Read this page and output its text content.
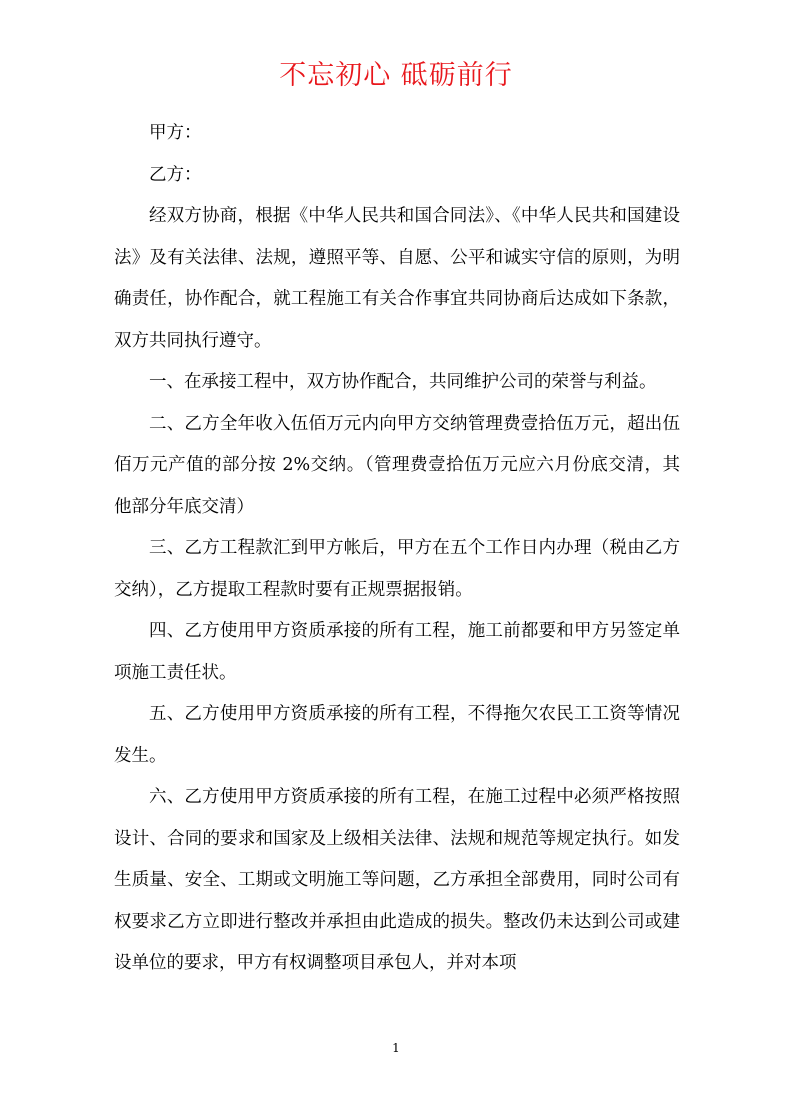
不忘初心 砥砺前行

甲方：

乙方：

经双方协商，根据《中华人民共和国合同法》、《中华人民共和国建设法》及有关法律、法规，遵照平等、自愿、公平和诚实守信的原则，为明确责任，协作配合，就工程施工有关合作事宜共同协商后达成如下条款，双方共同执行遵守。

一、在承接工程中，双方协作配合，共同维护公司的荣誉与利益。

二、乙方全年收入伍佰万元内向甲方交纳管理费壹拾伍万元，超出伍佰万元产值的部分按 2%交纳。（管理费壹拾伍万元应六月份底交清，其他部分年底交清）

三、乙方工程款汇到甲方帐后，甲方在五个工作日内办理（税由乙方交纳），乙方提取工程款时要有正规票据报销。

四、乙方使用甲方资质承接的所有工程，施工前都要和甲方另签定单项施工责任状。

五、乙方使用甲方资质承接的所有工程，不得拖欠农民工工资等情况发生。

六、乙方使用甲方资质承接的所有工程，在施工过程中必须严格按照设计、合同的要求和国家及上级相关法律、法规和规范等规定执行。如发生质量、安全、工期或文明施工等问题，乙方承担全部费用，同时公司有权要求乙方立即进行整改并承担由此造成的损失。整改仍未达到公司或建设单位的要求，甲方有权调整项目承包人，并对本项

1
